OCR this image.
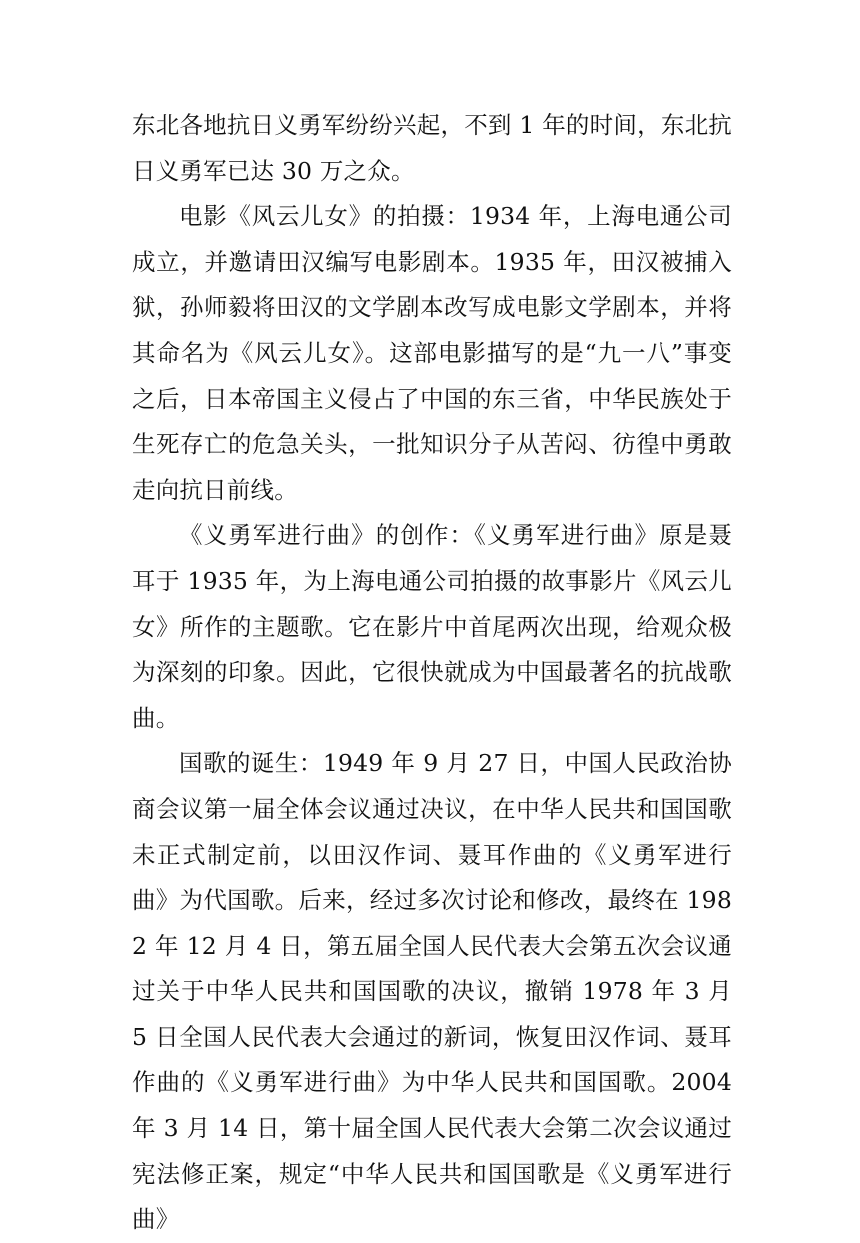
东北各地抗日义勇军纷纷兴起，不到 1 年的时间，东北抗日义勇军已达 30 万之众。

电影《风云儿女》的拍摄：1934 年，上海电通公司成立，并邀请田汉编写电影剧本。1935 年，田汉被捕入狱，孙师毅将田汉的文学剧本改写成电影文学剧本，并将其命名为《风云儿女》。这部电影描写的是“九一八”事变之后，日本帝国主义侵占了中国的东三省，中华民族处于生死存亡的危急关头，一批知识分子从苦闷、彷徨中勇敢走向抗日前线。

《义勇军进行曲》的创作：《义勇军进行曲》原是聂耳于 1935 年，为上海电通公司拍摄的故事影片《风云儿女》所作的主题歌。它在影片中首尾两次出现，给观众极为深刻的印象。因此，它很快就成为中国最著名的抗战歌曲。

国歌的诞生：1949 年 9 月 27 日，中国人民政治协商会议第一届全体会议通过决议，在中华人民共和国国歌未正式制定前，以田汉作词、聂耳作曲的《义勇军进行曲》为代国歌。后来，经过多次讨论和修改，最终在 1982 年 12 月 4 日，第五届全国人民代表大会第五次会议通过关于中华人民共和国国歌的决议，撤销 1978 年 3 月 5 日全国人民代表大会通过的新词，恢复田汉作词、聂耳作曲的《义勇军进行曲》为中华人民共和国国歌。2004 年 3 月 14 日，第十届全国人民代表大会第二次会议通过宪法修正案，规定“中华人民共和国国歌是《义勇军进行曲》
